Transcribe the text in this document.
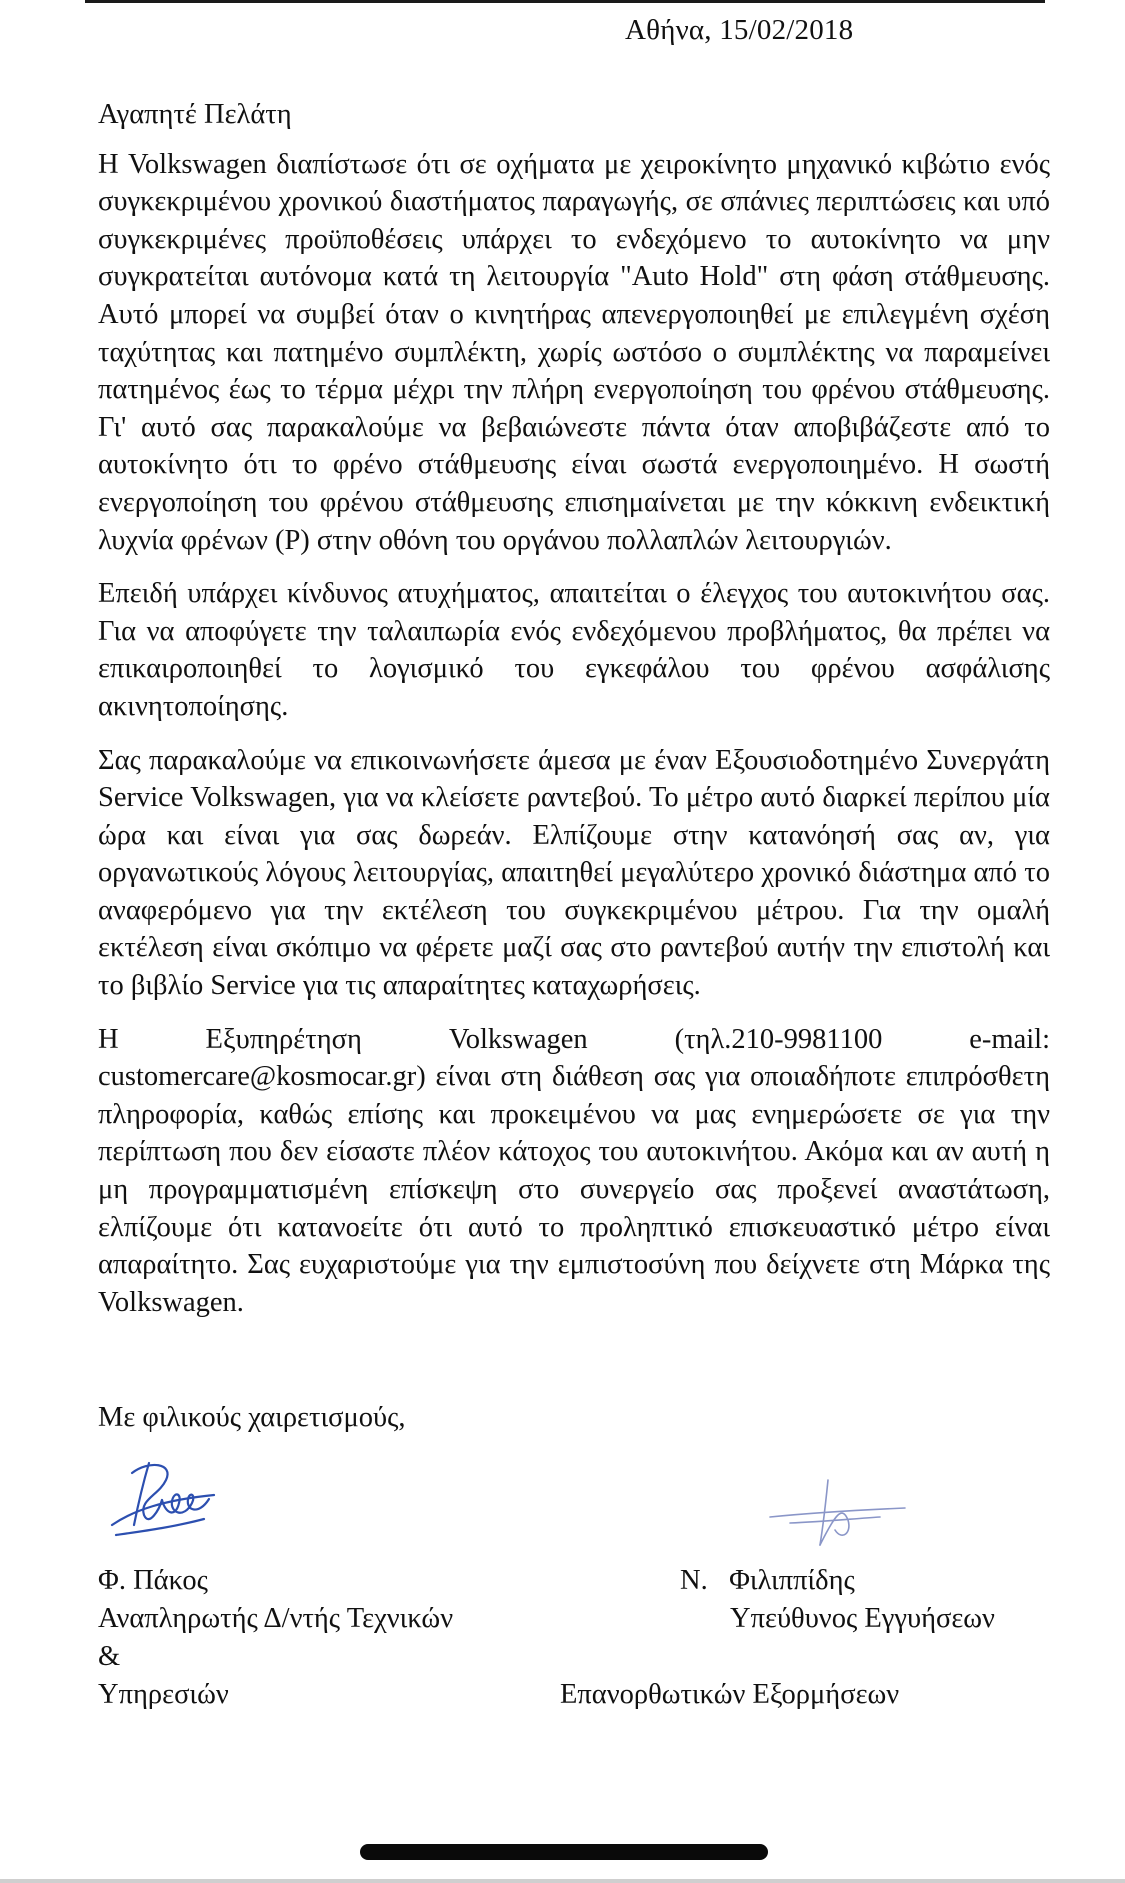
Αθήνα, 15/02/2018

Αγαπητέ Πελάτη

Η Volkswagen διαπίστωσε ότι σε οχήματα με χειροκίνητο μηχανικό κιβώτιο ενός συγκεκριμένου χρονικού διαστήματος παραγωγής, σε σπάνιες περιπτώσεις και υπό συγκεκριμένες προϋποθέσεις υπάρχει το ενδεχόμενο το αυτοκίνητο να μην συγκρατείται αυτόνομα κατά τη λειτουργία "Auto Hold" στη φάση στάθμευσης. Αυτό μπορεί να συμβεί όταν ο κινητήρας απενεργοποιηθεί με επιλεγμένη σχέση ταχύτητας και πατημένο συμπλέκτη, χωρίς ωστόσο ο συμπλέκτης να παραμείνει πατημένος έως το τέρμα μέχρι την πλήρη ενεργοποίηση του φρένου στάθμευσης. Γι' αυτό σας παρακαλούμε να βεβαιώνεστε πάντα όταν αποβιβάζεστε από το αυτοκίνητο ότι το φρένο στάθμευσης είναι σωστά ενεργοποιημένο. Η σωστή ενεργοποίηση του φρένου στάθμευσης επισημαίνεται με την κόκκινη ενδεικτική λυχνία φρένων (P) στην οθόνη του οργάνου πολλαπλών λειτουργιών.

Επειδή υπάρχει κίνδυνος ατυχήματος, απαιτείται ο έλεγχος του αυτοκινήτου σας. Για να αποφύγετε την ταλαιπωρία ενός ενδεχόμενου προβλήματος, θα πρέπει να επικαιροποιηθεί το λογισμικό του εγκεφάλου του φρένου ασφάλισης ακινητοποίησης.

Σας παρακαλούμε να επικοινωνήσετε άμεσα με έναν Εξουσιοδοτημένο Συνεργάτη Service Volkswagen, για να κλείσετε ραντεβού. Το μέτρο αυτό διαρκεί περίπου μία ώρα και είναι για σας δωρεάν. Ελπίζουμε στην κατανόησή σας αν, για οργανωτικούς λόγους λειτουργίας, απαιτηθεί μεγαλύτερο χρονικό διάστημα από το αναφερόμενο για την εκτέλεση του συγκεκριμένου μέτρου. Για την ομαλή εκτέλεση είναι σκόπιμο να φέρετε μαζί σας στο ραντεβού αυτήν την επιστολή και το βιβλίο Service για τις απαραίτητες καταχωρήσεις.

Η Εξυπηρέτηση Volkswagen (τηλ.210-9981100 e-mail: customercare@kosmocar.gr) είναι στη διάθεση σας για οποιαδήποτε επιπρόσθετη πληροφορία, καθώς επίσης και προκειμένου να μας ενημερώσετε σε για την περίπτωση που δεν είσαστε πλέον κάτοχος του αυτοκινήτου. Ακόμα και αν αυτή η μη προγραμματισμένη επίσκεψη στο συνεργείο σας προξενεί αναστάτωση, ελπίζουμε ότι κατανοείτε ότι αυτό το προληπτικό επισκευαστικό μέτρο είναι απαραίτητο. Σας ευχαριστούμε για την εμπιστοσύνη που δείχνετε στη Μάρκα της Volkswagen.

Με φιλικούς χαιρετισμούς,
Φ. Πάκος
Αναπληρωτής Δ/ντής Τεχνικών
&
Υπηρεσιών
Ν.   Φιλιππίδης
Υπεύθυνος Εγγυήσεων
Επανορθωτικών Εξορμήσεων
